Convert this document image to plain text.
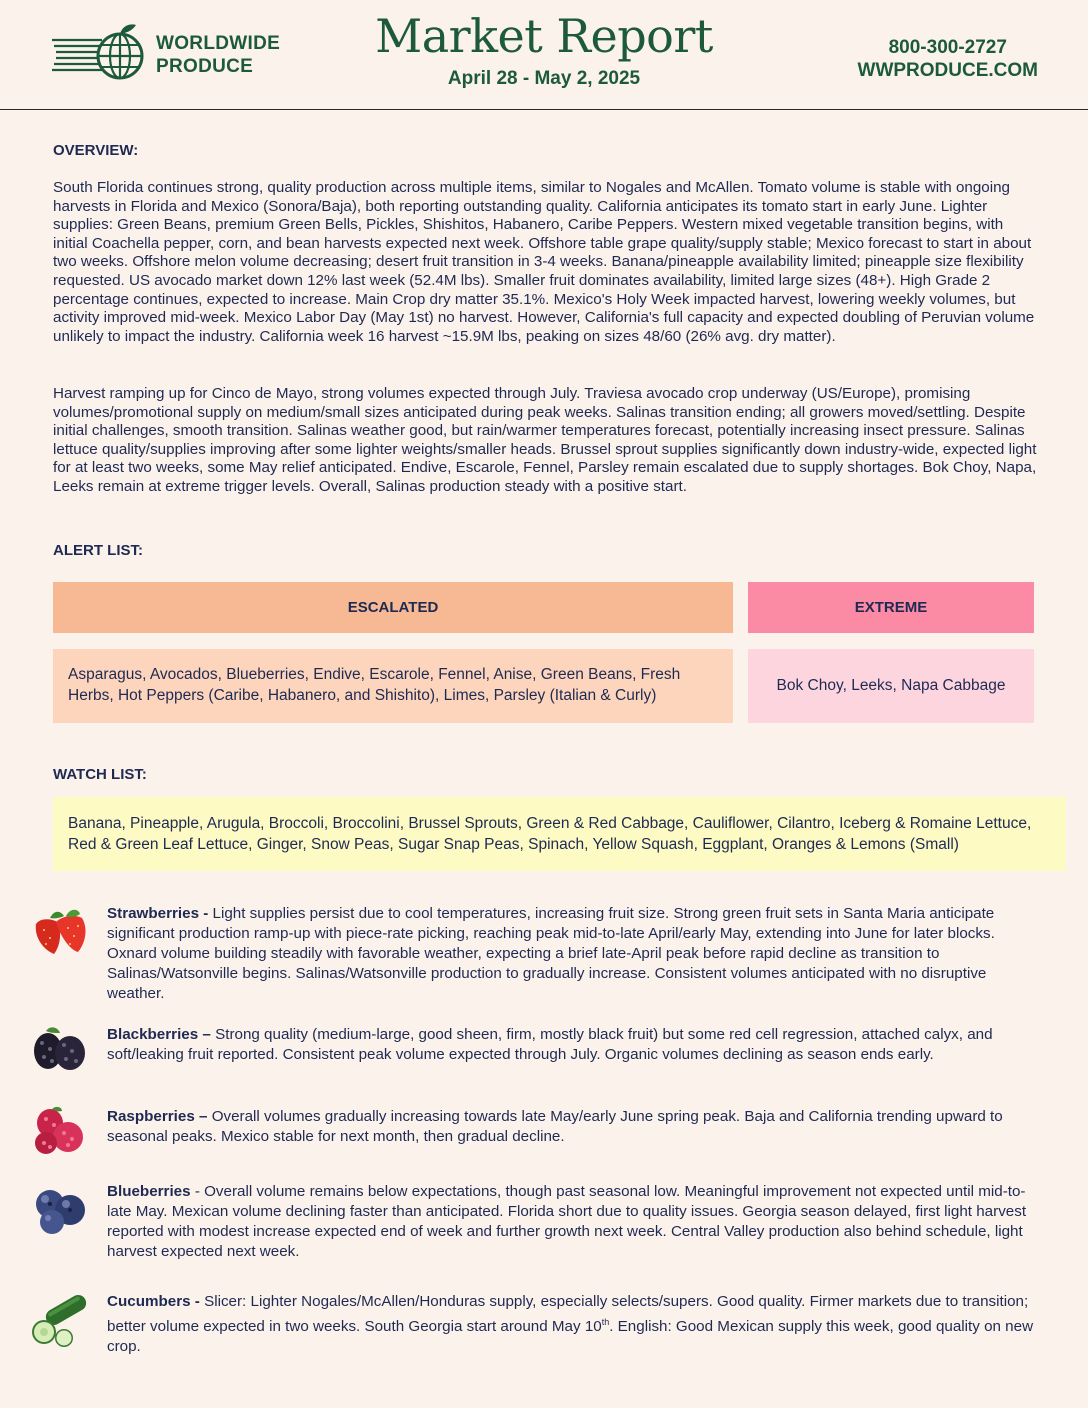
WORLDWIDE
PRODUCE
Market Report
April 28 - May 2, 2025
800-300-2727
WWPRODUCE.COM
OVERVIEW:
South Florida continues strong, quality production across multiple items, similar to Nogales and McAllen. Tomato volume is stable with ongoing harvests in Florida and Mexico (Sonora/Baja), both reporting outstanding quality. California anticipates its tomato start in early June. Lighter supplies: Green Beans, premium Green Bells, Pickles, Shishitos, Habanero, Caribe Peppers. Western mixed vegetable transition begins, with initial Coachella pepper, corn, and bean harvests expected next week. Offshore table grape quality/supply stable; Mexico forecast to start in about two weeks. Offshore melon volume decreasing; desert fruit transition in 3-4 weeks. Banana/pineapple availability limited; pineapple size flexibility requested. US avocado market down 12% last week (52.4M lbs). Smaller fruit dominates availability, limited large sizes (48+). High Grade 2 percentage continues, expected to increase. Main Crop dry matter 35.1%. Mexico's Holy Week impacted harvest, lowering weekly volumes, but activity improved mid-week. Mexico Labor Day (May 1st) no harvest. However, California's full capacity and expected doubling of Peruvian volume unlikely to impact the industry. California week 16 harvest ~15.9M lbs, peaking on sizes 48/60 (26% avg. dry matter).
Harvest ramping up for Cinco de Mayo, strong volumes expected through July. Traviesa avocado crop underway (US/Europe), promising volumes/promotional supply on medium/small sizes anticipated during peak weeks. Salinas transition ending; all growers moved/settling. Despite initial challenges, smooth transition. Salinas weather good, but rain/warmer temperatures forecast, potentially increasing insect pressure. Salinas lettuce quality/supplies improving after some lighter weights/smaller heads. Brussel sprout supplies significantly down industry-wide, expected light for at least two weeks, some May relief anticipated. Endive, Escarole, Fennel, Parsley remain escalated due to supply shortages. Bok Choy, Napa, Leeks remain at extreme trigger levels. Overall, Salinas production steady with a positive start.
ALERT LIST:
ESCALATED	EXTREME
Asparagus, Avocados, Blueberries, Endive, Escarole, Fennel, Anise, Green Beans, Fresh Herbs, Hot Peppers (Caribe, Habanero, and Shishito), Limes, Parsley (Italian & Curly)
Bok Choy, Leeks, Napa Cabbage
WATCH LIST:
Banana, Pineapple, Arugula, Broccoli, Broccolini, Brussel Sprouts, Green & Red Cabbage, Cauliflower, Cilantro, Iceberg & Romaine Lettuce, Red & Green Leaf Lettuce, Ginger, Snow Peas, Sugar Snap Peas, Spinach, Yellow Squash, Eggplant, Oranges & Lemons (Small)
Strawberries - Light supplies persist due to cool temperatures, increasing fruit size. Strong green fruit sets in Santa Maria anticipate significant production ramp-up with piece-rate picking, reaching peak mid-to-late April/early May, extending into June for later blocks. Oxnard volume building steadily with favorable weather, expecting a brief late-April peak before rapid decline as transition to Salinas/Watsonville begins. Salinas/Watsonville production to gradually increase. Consistent volumes anticipated with no disruptive weather.
Blackberries – Strong quality (medium-large, good sheen, firm, mostly black fruit) but some red cell regression, attached calyx, and soft/leaking fruit reported. Consistent peak volume expected through July. Organic volumes declining as season ends early.
Raspberries – Overall volumes gradually increasing towards late May/early June spring peak. Baja and California trending upward to seasonal peaks. Mexico stable for next month, then gradual decline.
Blueberries - Overall volume remains below expectations, though past seasonal low. Meaningful improvement not expected until mid-to-late May. Mexican volume declining faster than anticipated. Florida short due to quality issues. Georgia season delayed, first light harvest reported with modest increase expected end of week and further growth next week. Central Valley production also behind schedule, light harvest expected next week.
Cucumbers - Slicer: Lighter Nogales/McAllen/Honduras supply, especially selects/supers. Good quality. Firmer markets due to transition; better volume expected in two weeks. South Georgia start around May 10th. English: Good Mexican supply this week, good quality on new crop.
